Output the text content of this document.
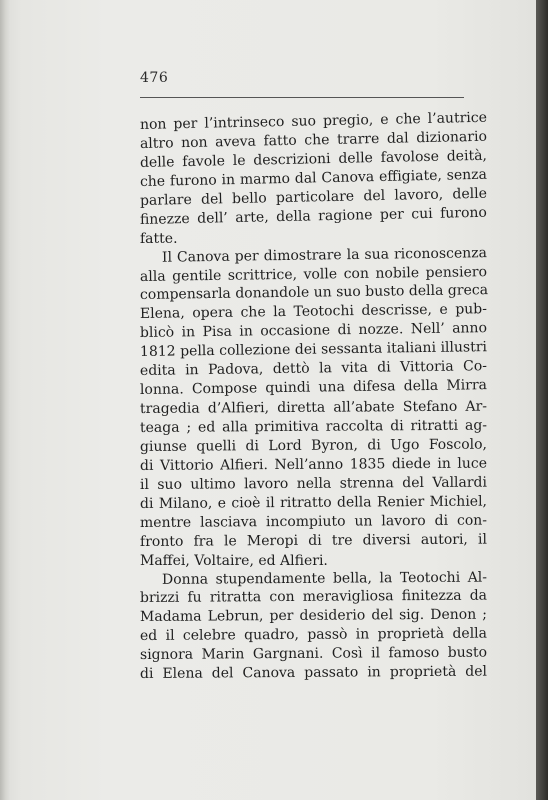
476
non per l’intrinseco suo pregio, e che l’autrice
altro non aveva fatto che trarre dal dizionario
delle favole le descrizioni delle favolose deità,
che furono in marmo dal Canova effigiate, senza
parlare del bello particolare del lavoro, delle
finezze dell’ arte, della ragione per cui furono
fatte.
Il Canova per dimostrare la sua riconoscenza
alla gentile scrittrice, volle con nobile pensiero
compensarla donandole un suo busto della greca
Elena, opera che la Teotochi descrisse, e pub-
blicò in Pisa in occasione di nozze. Nell’ anno
1812 pella collezione dei sessanta italiani illustri
edita in Padova, dettò la vita di Vittoria Co-
lonna. Compose quindi una difesa della Mirra
tragedia d’Alfieri, diretta all’abate Stefano Ar-
teaga ; ed alla primitiva raccolta di ritratti ag-
giunse quelli di Lord Byron, di Ugo Foscolo,
di Vittorio Alfieri. Nell’anno 1835 diede in luce
il suo ultimo lavoro nella strenna del Vallardi
di Milano, e cioè il ritratto della Renier Michiel,
mentre lasciava incompiuto un lavoro di con-
fronto fra le Meropi di tre diversi autori, il
Maffei, Voltaire, ed Alfieri.
Donna stupendamente bella, la Teotochi Al-
brizzi fu ritratta con meravigliosa finitezza da
Madama Lebrun, per desiderio del sig. Denon ;
ed il celebre quadro, passò in proprietà della
signora Marin Gargnani. Così il famoso busto
di Elena del Canova passato in proprietà del
